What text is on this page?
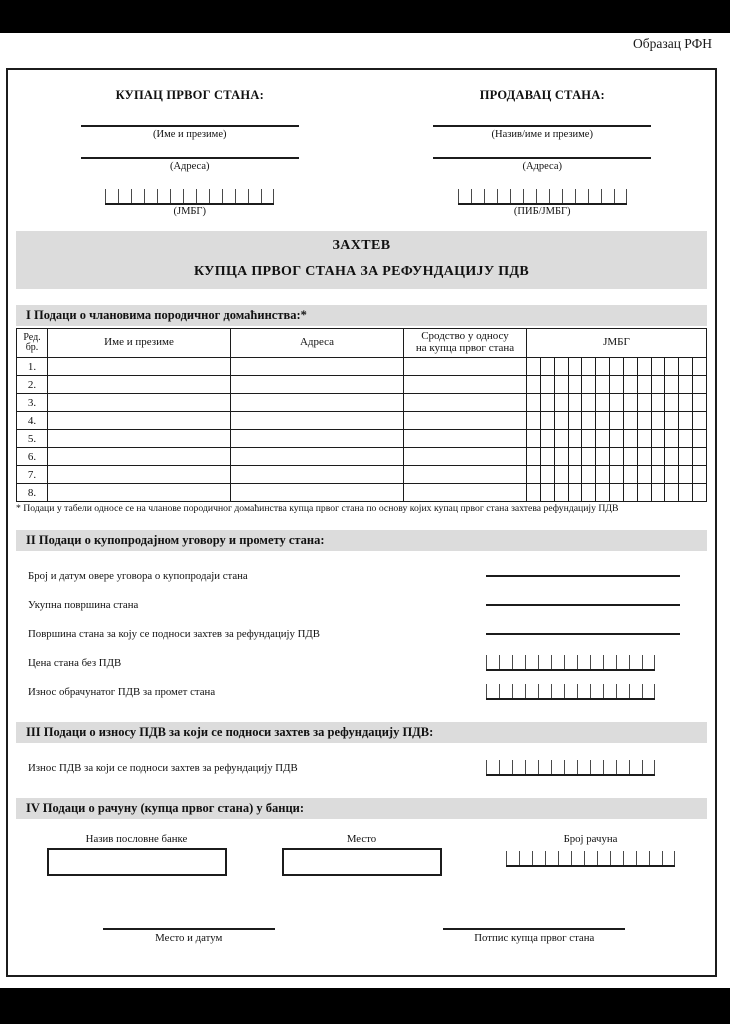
Образац РФН
КУПАЦ ПРВОГ СТАНА:
(Име и презиме)
(Адреса)
(ЈМБГ)
ПРОДАВАЦ СТАНА:
(Назив/име и презиме)
(Адреса)
(ПИБ/ЈМБГ)
ЗАХТЕВ
КУПЦА ПРВОГ СТАНА ЗА РЕФУНДАЦИЈУ ПДВ
I Подаци о члановима породичног домаћинства:*
Ред.
бр.	Име и презиме	Адреса	Сродство у односу
на купца првог стана	ЈМБГ
1.																
2.																
3.																
4.																
5.																
6.																
7.																
8.																
* Подаци у табели односе се на чланове породичног домаћинства купца првог стана по основу којих купац првог стана захтева рефундацију ПДВ
II Подаци о купопродајном уговору и промету стана:
Број и датум овере уговора о купопродаји стана
Укупна површина стана
Површина стана за коју се подноси захтев за рефундацију ПДВ
Цена стана без ПДВ
Износ обрачунатог ПДВ за промет стана
III Подаци о износу ПДВ за који се подноси захтев за рефундацију ПДВ:
Износ ПДВ за који се подноси захтев за рефундацију ПДВ
IV Подаци о рачуну (купца првог стана) у банци:
Назив пословне банке	Место	Број рачуна
Место и датум	Потпис купца првог стана
